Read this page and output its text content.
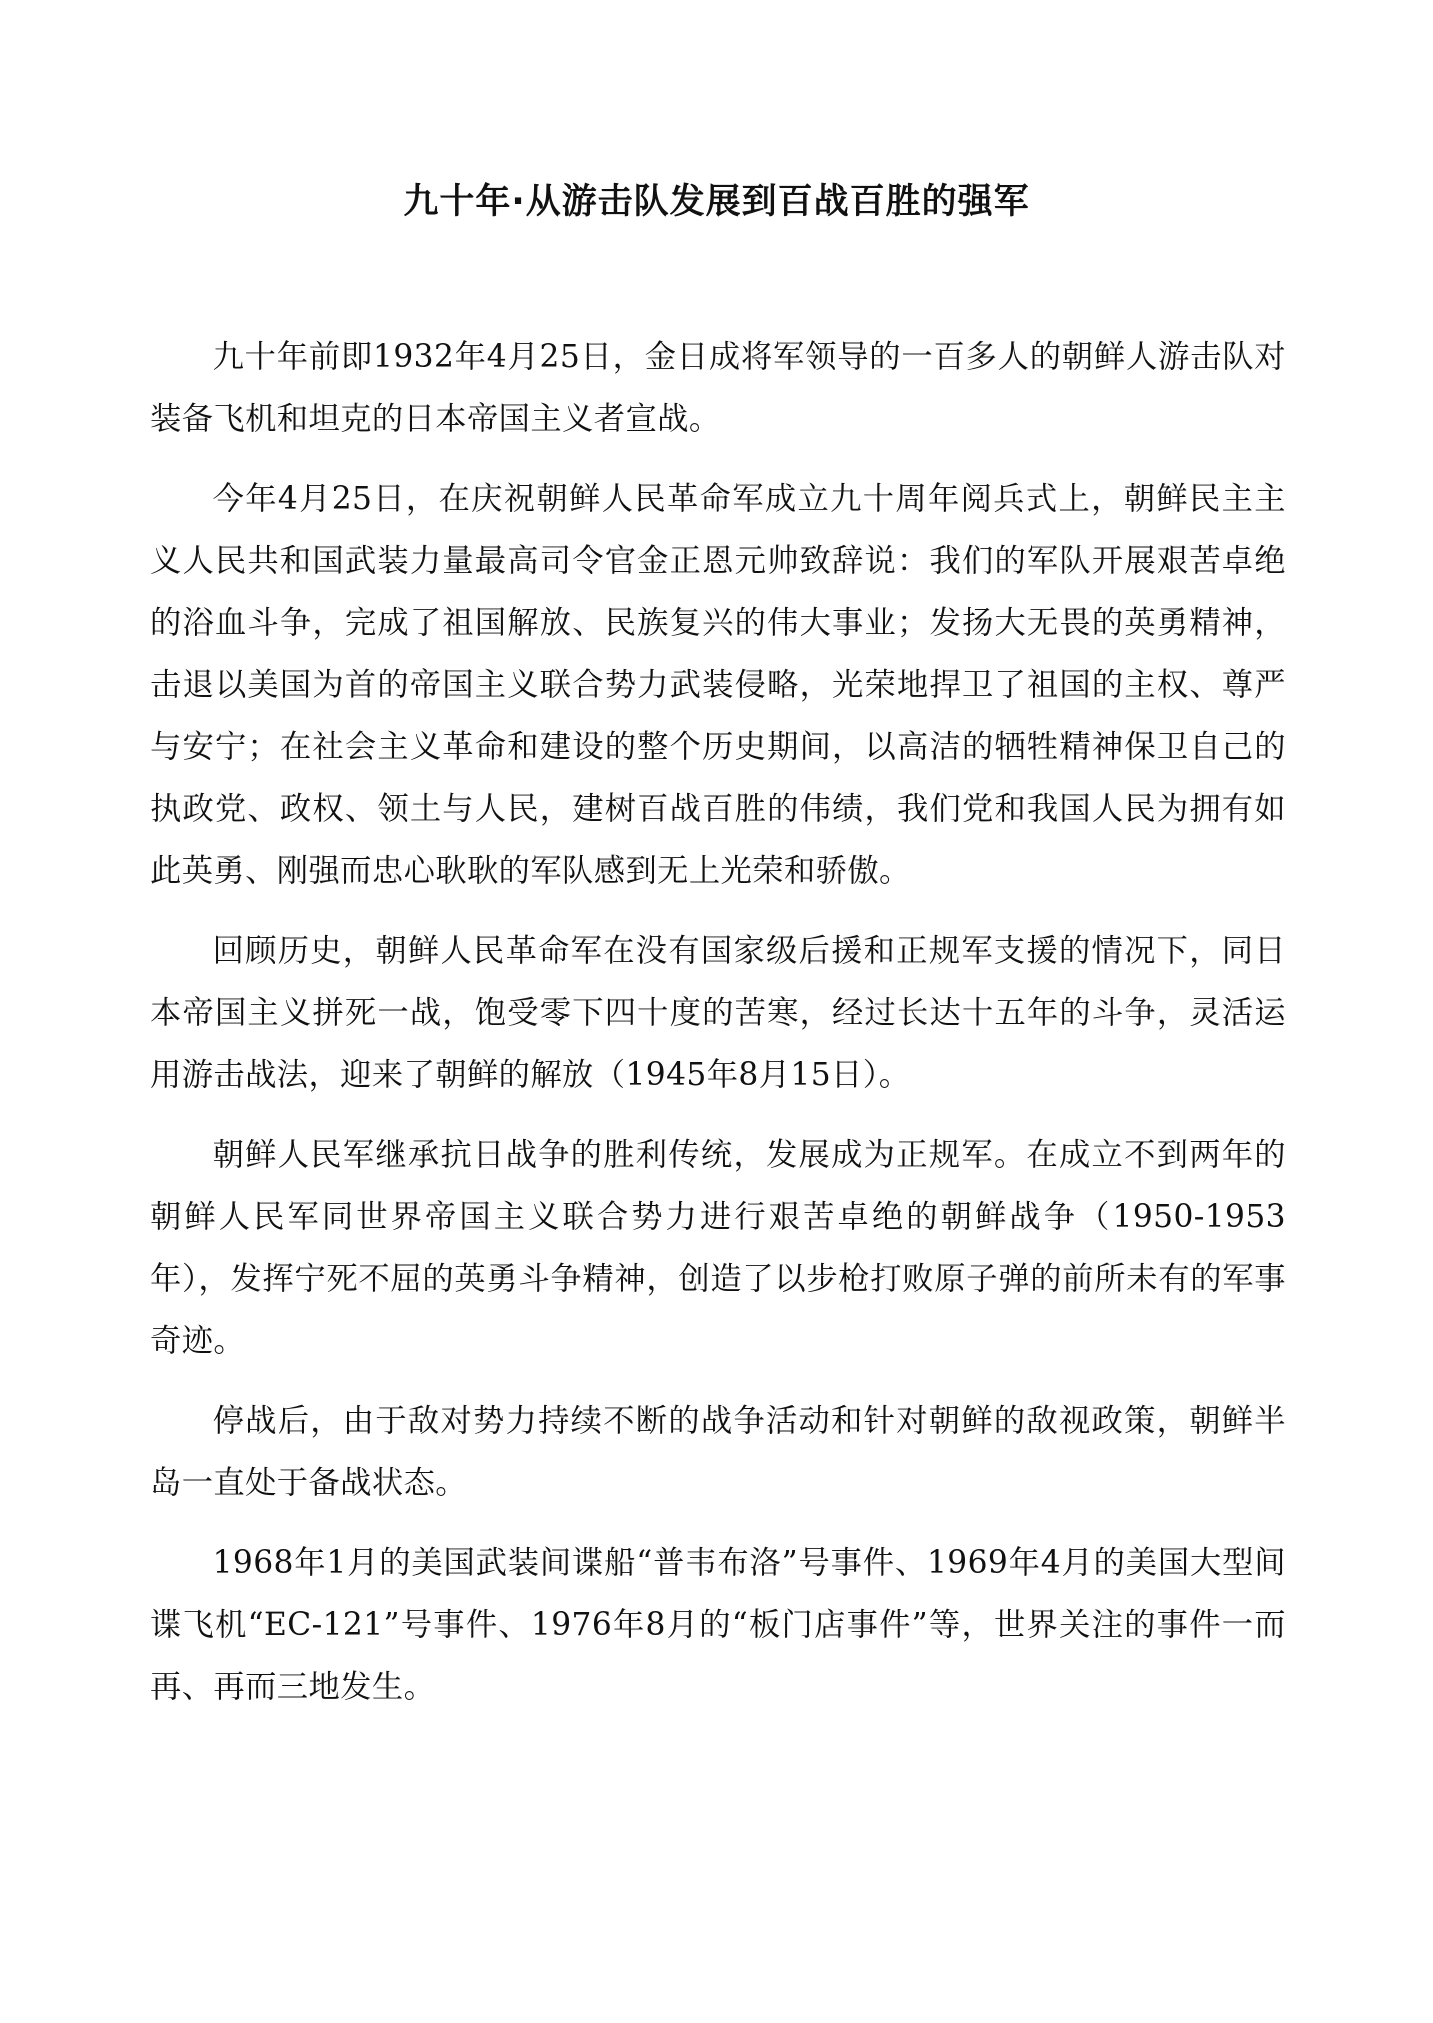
九十年·从游击队发展到百战百胜的强军

九十年前即1932年4月25日，金日成将军领导的一百多人的朝鲜人游击队对装备飞机和坦克的日本帝国主义者宣战。

今年4月25日，在庆祝朝鲜人民革命军成立九十周年阅兵式上，朝鲜民主主义人民共和国武装力量最高司令官金正恩元帅致辞说：我们的军队开展艰苦卓绝的浴血斗争，完成了祖国解放、民族复兴的伟大事业；发扬大无畏的英勇精神，击退以美国为首的帝国主义联合势力武装侵略，光荣地捍卫了祖国的主权、尊严与安宁；在社会主义革命和建设的整个历史期间，以高洁的牺牲精神保卫自己的执政党、政权、领土与人民，建树百战百胜的伟绩，我们党和我国人民为拥有如此英勇、刚强而忠心耿耿的军队感到无上光荣和骄傲。

回顾历史，朝鲜人民革命军在没有国家级后援和正规军支援的情况下，同日本帝国主义拼死一战，饱受零下四十度的苦寒，经过长达十五年的斗争，灵活运用游击战法，迎来了朝鲜的解放（1945年8月15日）。

朝鲜人民军继承抗日战争的胜利传统，发展成为正规军。在成立不到两年的朝鲜人民军同世界帝国主义联合势力进行艰苦卓绝的朝鲜战争（1950-1953年），发挥宁死不屈的英勇斗争精神，创造了以步枪打败原子弹的前所未有的军事奇迹。

停战后，由于敌对势力持续不断的战争活动和针对朝鲜的敌视政策，朝鲜半岛一直处于备战状态。

1968年1月的美国武装间谍船“普韦布洛”号事件、1969年4月的美国大型间谍飞机“EC-121”号事件、1976年8月的“板门店事件”等，世界关注的事件一而再、再而三地发生。
